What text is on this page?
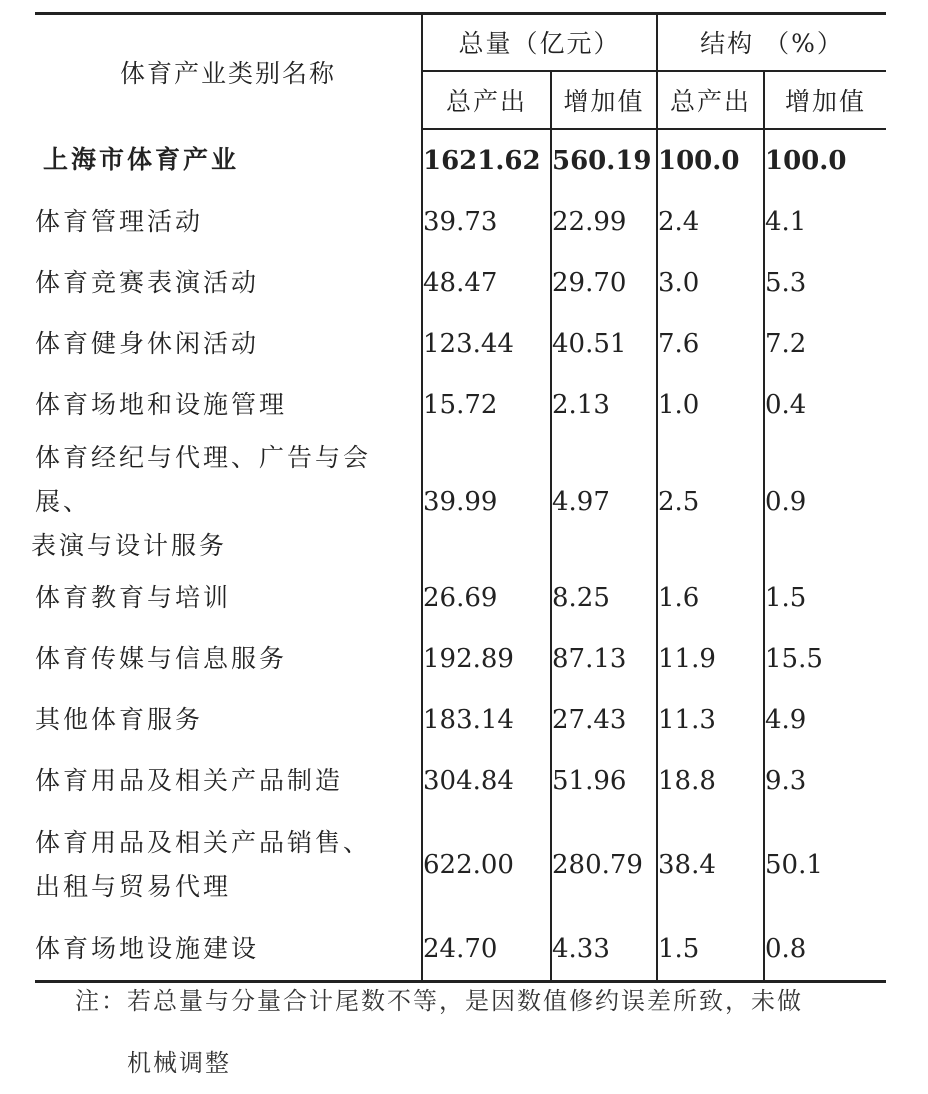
体育产业类别名称	总量（亿元）		结构 （%）	
	总产出	增加值	总产出	增加值
上海市体育产业	1621.62	560.19	100.0	100.0
体育管理活动	39.73	22.99	2.4	4.1
体育竞赛表演活动	48.47	29.70	3.0	5.3
体育健身休闲活动	123.44	40.51	7.6	7.2
体育场地和设施管理	15.72	2.13	1.0	0.4
体育经纪与代理、广告与会展、
表演与设计服务	39.99	4.97	2.5	0.9
体育教育与培训	26.69	8.25	1.6	1.5
体育传媒与信息服务	192.89	87.13	11.9	15.5
其他体育服务	183.14	27.43	11.3	4.9
体育用品及相关产品制造	304.84	51.96	18.8	9.3
体育用品及相关产品销售、
出租与贸易代理	622.00	280.79	38.4	50.1
体育场地设施建设	24.70	4.33	1.5	0.8
注：若总量与分量合计尾数不等，是因数值修约误差所致，未做
机械调整
